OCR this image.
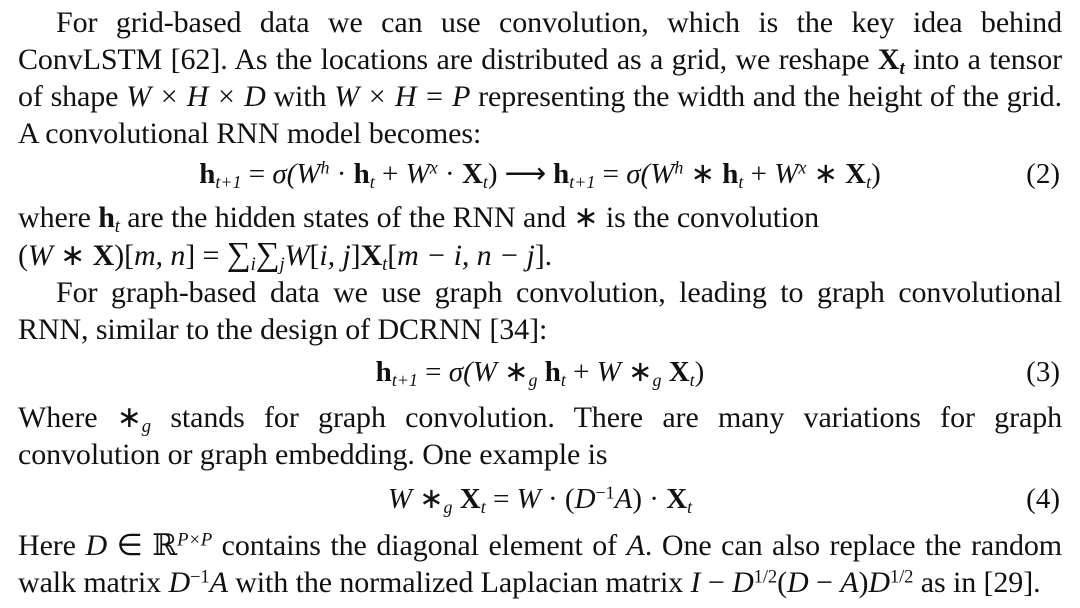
For grid-based data we can use convolution, which is the key idea behind ConvLSTM [62]. As the locations are distributed as a grid, we reshape $X_t$ into a tensor of shape W × H × D with W × H = P representing the width and the height of the grid. A convolutional RNN model becomes:

$h_{t+1} = \sigma(W^h \cdot h_t + W^x \cdot X_t)$ ⟶ $h_{t+1} = \sigma(W^h$ ∗ $h_t + W^x$ ∗ $X_t$)	(2)

where $h_t$ are the hidden states of the RNN and ∗ is the convolution

(W ∗ X)[m, $n] = \sum_i\sum_jW[i$, $j]X_t[m - i$, n − j].

For graph-based data we use graph convolution, leading to graph convolutional RNN, similar to the design of DCRNN [34]:

$h_{t+1} = \sigma(W$ $∗_g$ $h_t + W$ $∗_g$ $X_t$)	(3)

Where $∗_g$ stands for graph convolution. There are many variations for graph convolution or graph embedding. One example is

W $∗_g$ $X_t = W \cdot (D^{-1}A) \cdot X_t$	(4)

Here D ∈ ℝ$^{P\times P}$ contains the diagonal element of A. One can also replace the random walk matrix $D^{-1}A$ with the normalized Laplacian matrix $I - D^{1/2}(D - A)D^{1/2}$ as in [29].
